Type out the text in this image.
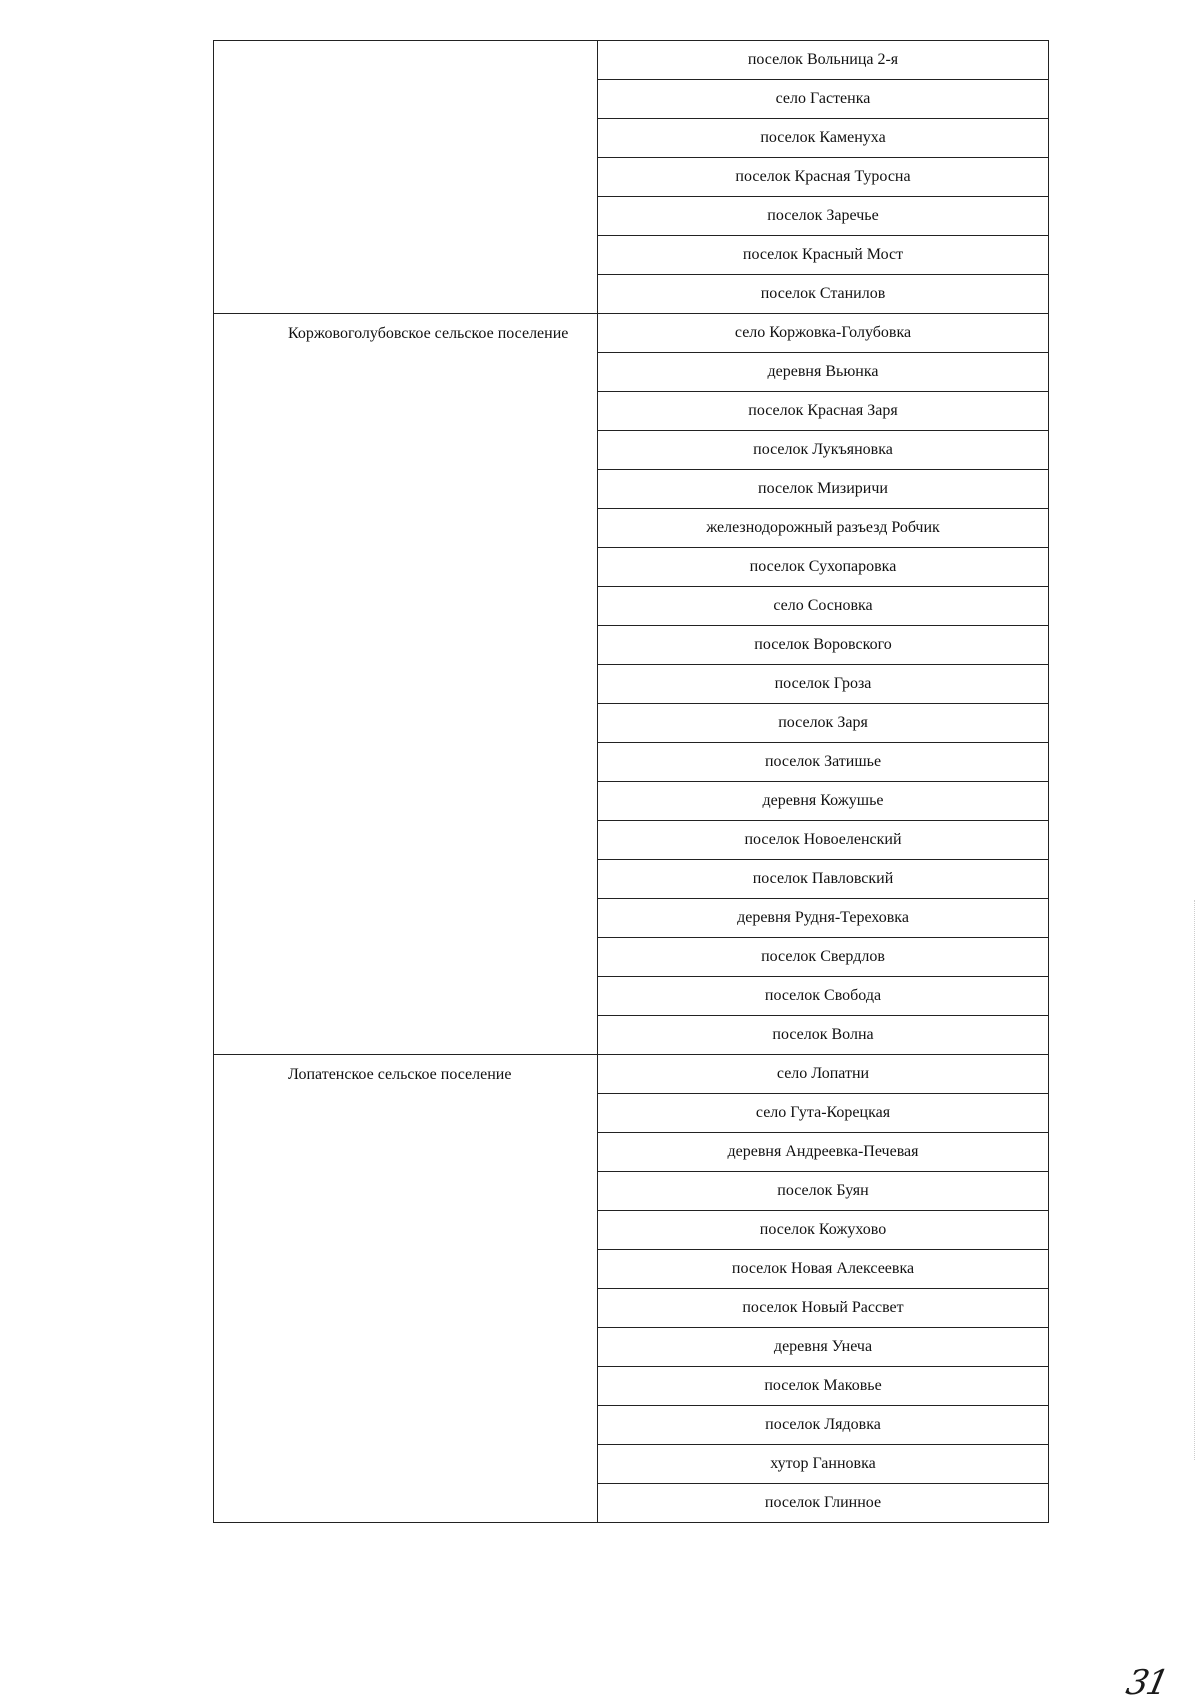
	поселок Вольница 2-я
	село Гастенка
	поселок Каменуха
	поселок Красная Туросна
	поселок Заречье
	поселок Красный Мост
	поселок Станилов

Коржовоголубовское сельское поселение	село Коржовка-Голубовка
	деревня Вьюнка
	поселок Красная Заря
	поселок Лукъяновка
	поселок Мизиричи
	железнодорожный разъезд Робчик
	поселок Сухопаровка
	село Сосновка
	поселок Воровского
	поселок Гроза
	поселок Заря
	поселок Затишье
	деревня Кожушье
	поселок Новоеленский
	поселок Павловский
	деревня Рудня-Тереховка
	поселок Свердлов
	поселок Свобода
	поселок Волна

Лопатенское сельское поселение	село Лопатни
	село Гута-Корецкая
	деревня Андреевка-Печевая
	поселок Буян
	поселок Кожухово
	поселок Новая Алексеевка
	поселок Новый Рассвет
	деревня Унеча
	поселок Маковье
	поселок Лядовка
	хутор Ганновка
	поселок Глинное
31
